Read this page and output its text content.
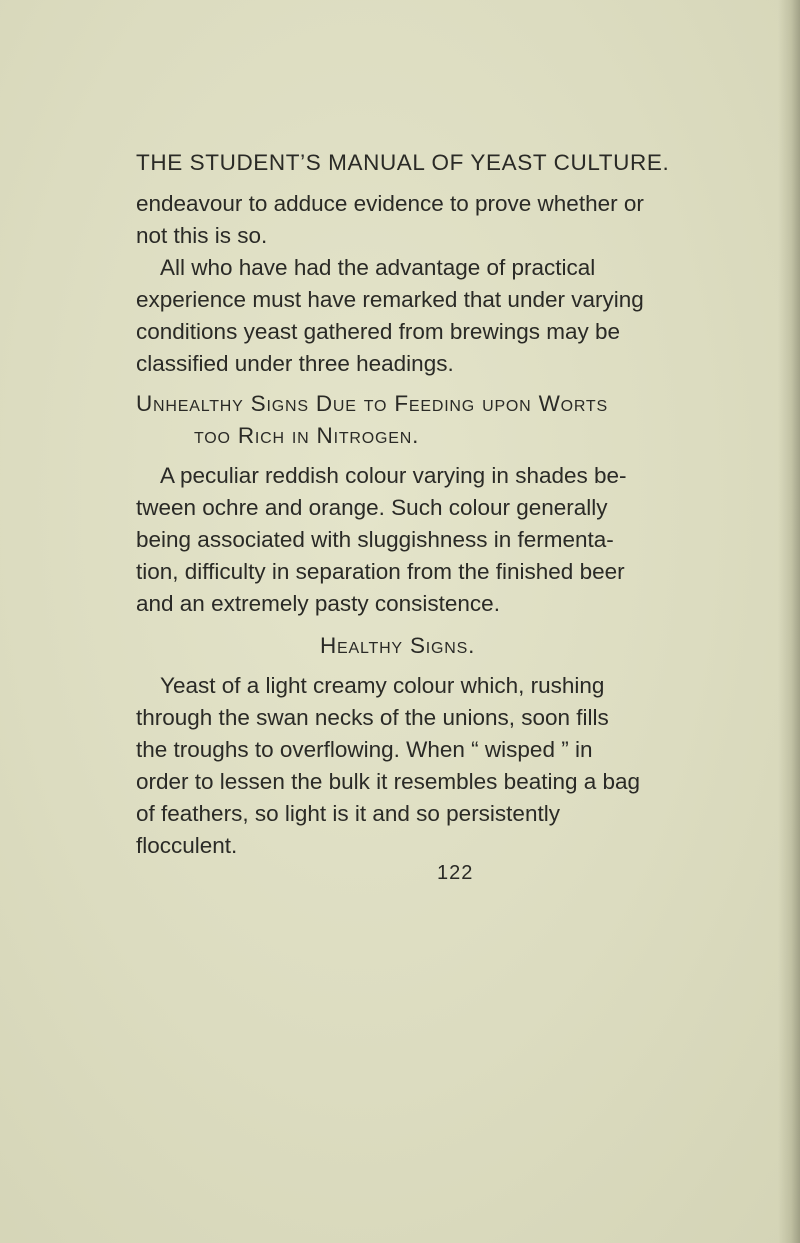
THE STUDENT’S MANUAL OF YEAST CULTURE.
endeavour to adduce evidence to prove whether or
not this is so.
All who have had the advantage of practical
experience must have remarked that under varying
conditions yeast gathered from brewings may be
classified under three headings.
Unhealthy Signs Due to Feeding upon Worts
too Rich in Nitrogen.
A peculiar reddish colour varying in shades be-
tween ochre and orange. Such colour generally
being associated with sluggishness in fermenta-
tion, difficulty in separation from the finished beer
and an extremely pasty consistence.
Healthy Signs.
Yeast of a light creamy colour which, rushing
through the swan necks of the unions, soon fills
the troughs to overflowing. When “ wisped ” in
order to lessen the bulk it resembles beating a bag
of feathers, so light is it and so persistently
flocculent.
122
